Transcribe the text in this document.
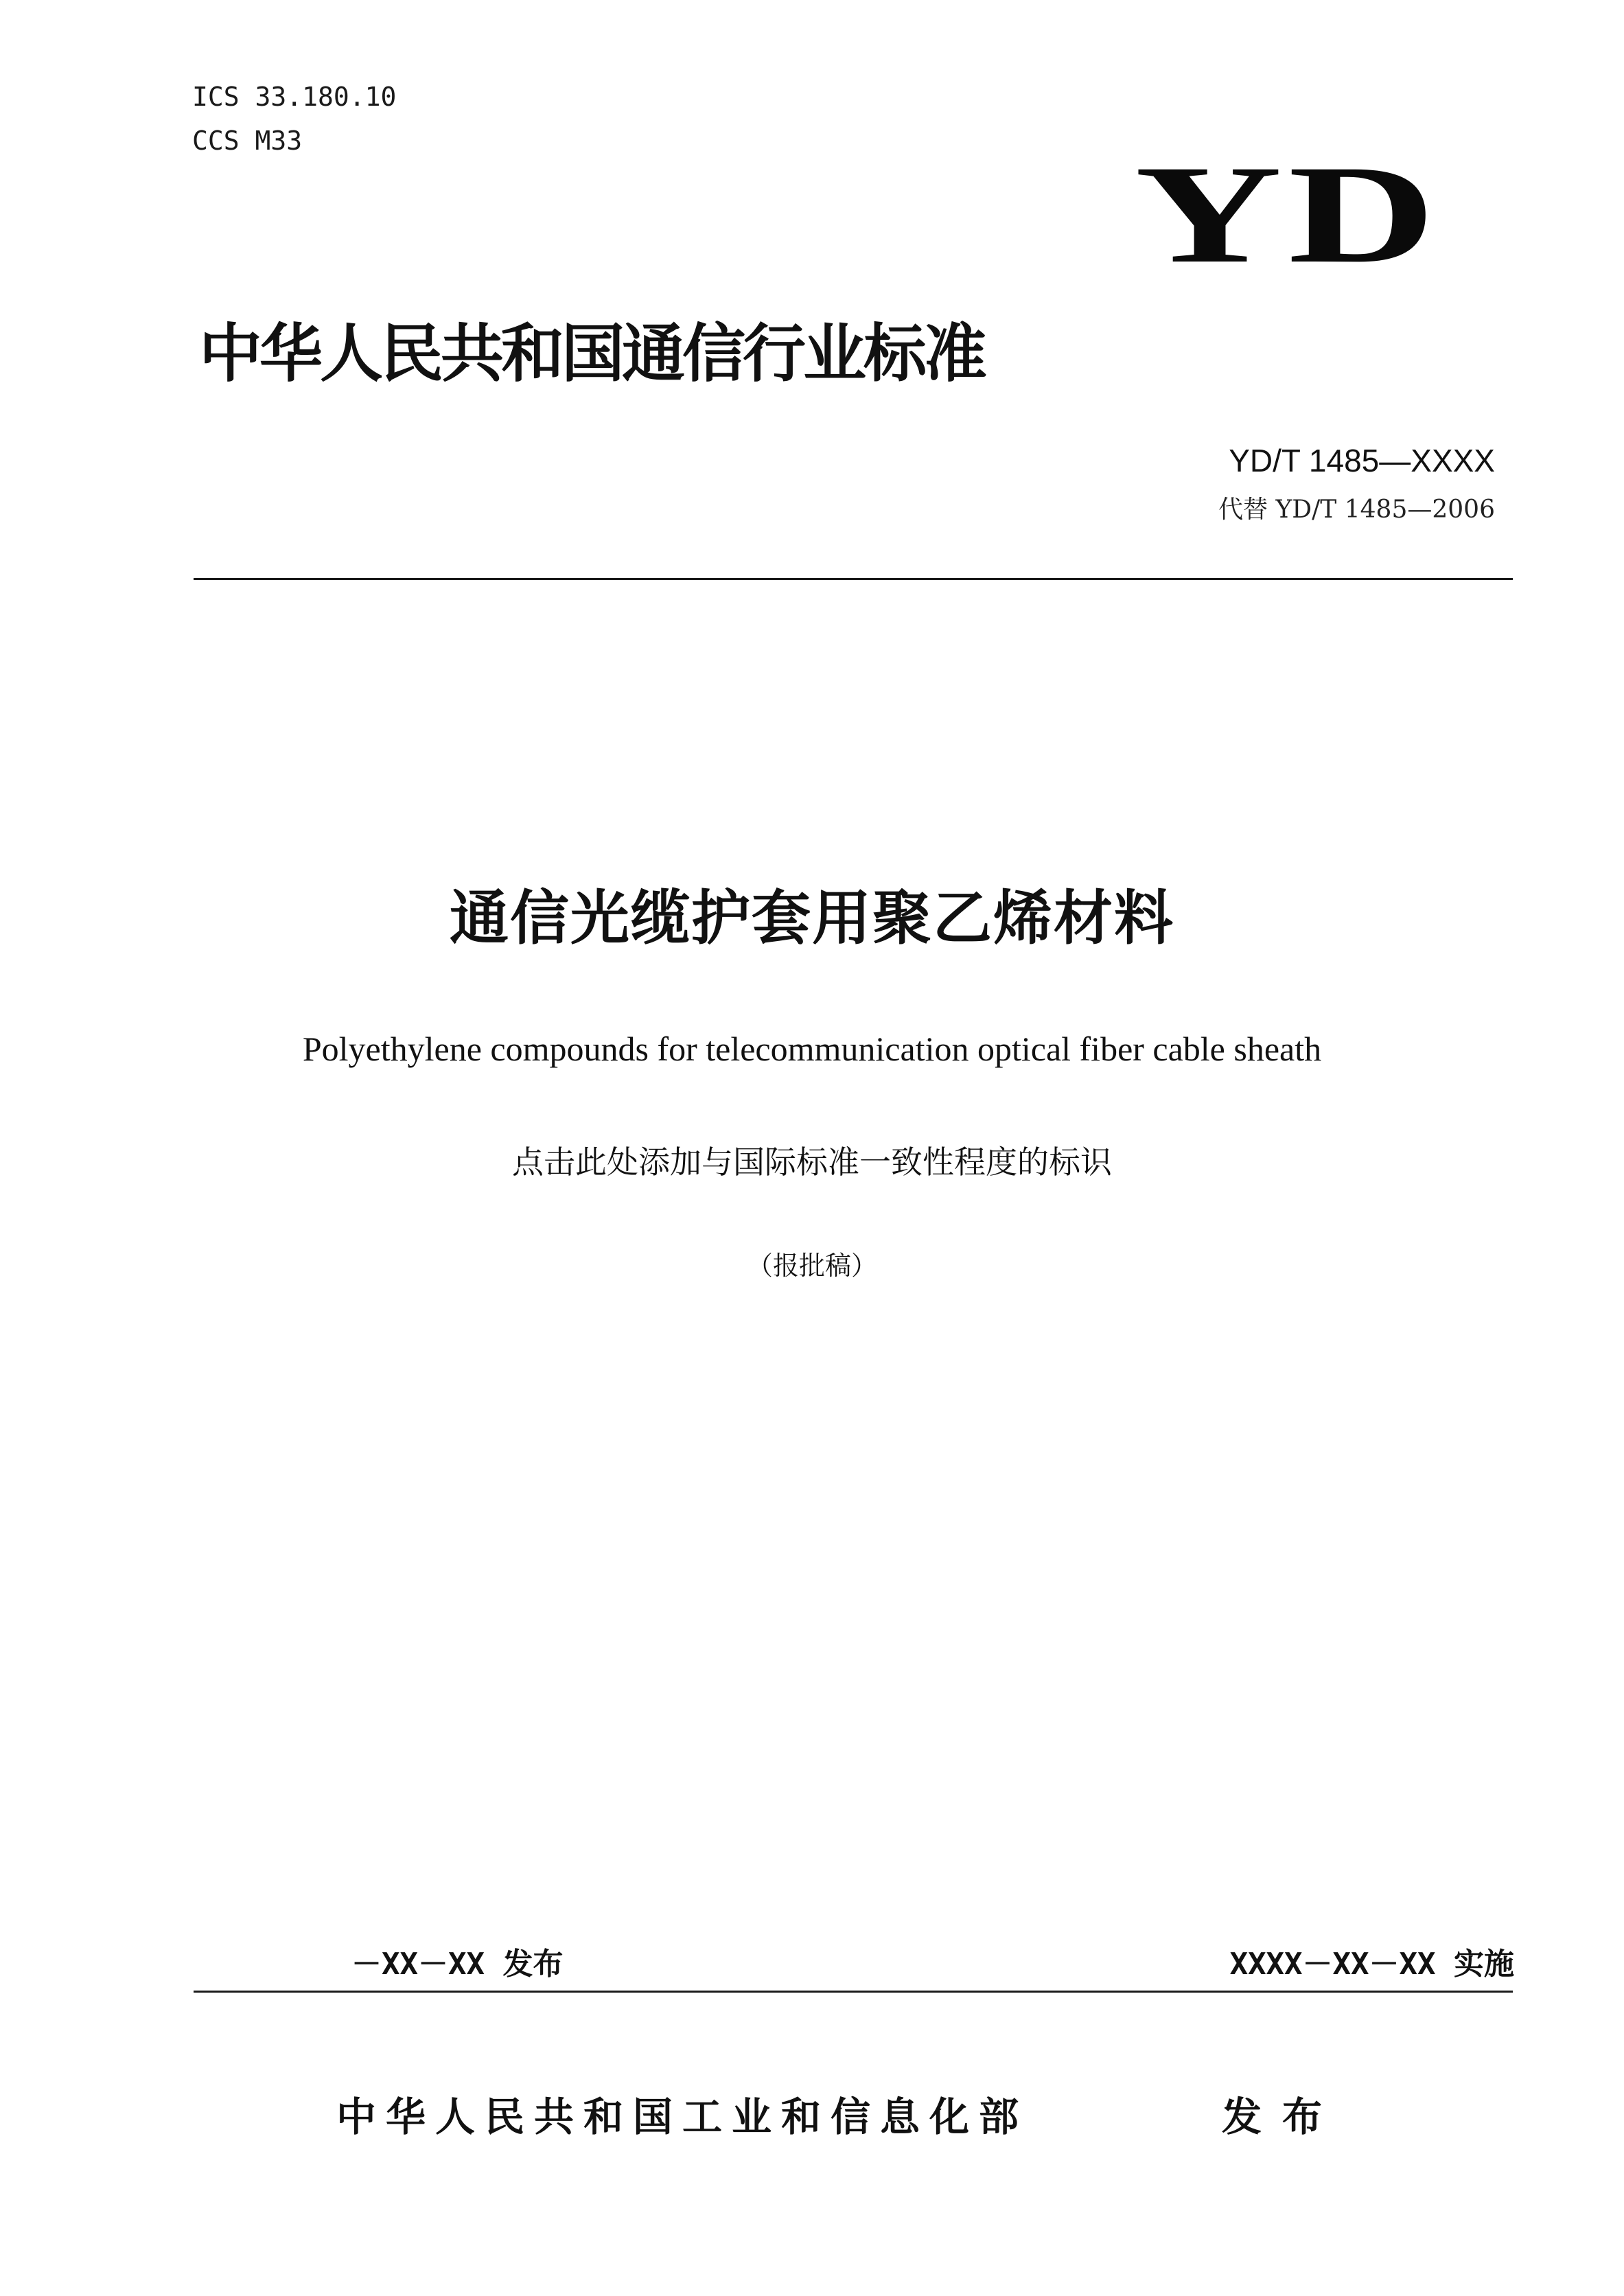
ICS 33.180.10
CCS M33	YD
中华人民共和国通信行业标准
YD/T 1485—XXXX
代替 YD/T 1485—2006
通信光缆护套用聚乙烯材料
Polyethylene compounds for telecommunication optical fiber cable sheath
点击此处添加与国际标准一致性程度的标识
（报批稿）
－XX－XX 发布	XXXX－XX－XX 实施
中华人民共和国工业和信息化部	发布
